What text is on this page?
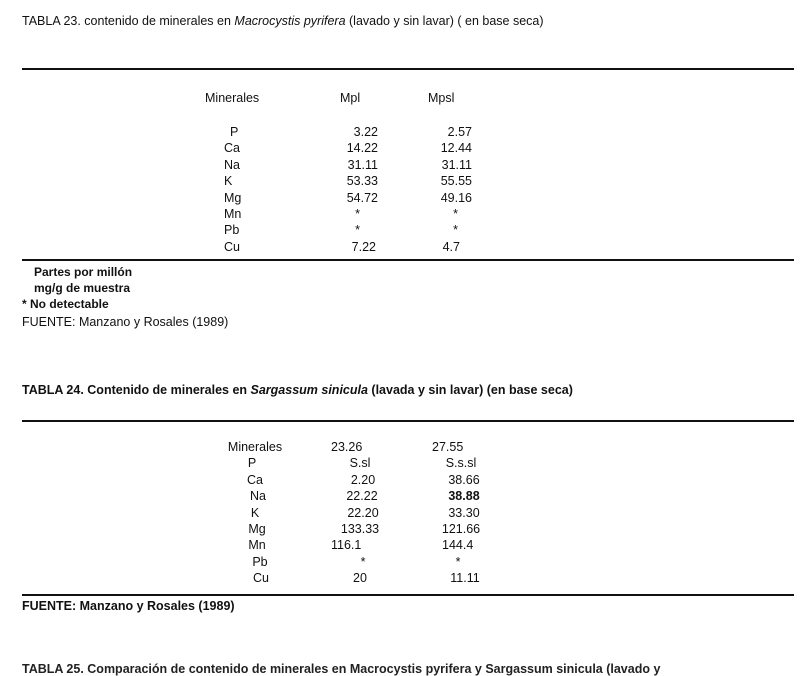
TABLA 23. contenido de minerales en Macrocystis pyrifera (lavado y sin lavar) ( en base seca)
Minerales	Mpl	Mpsl
P
Ca
Na
K
Mg
Mn
Pb
Cu
3.22
14.22
31.11
53.33
54.72
*
*
7.22
2.57
12.44
31.11
55.55
49.16
*
*
4.7
Partes por millón
mg/g de muestra
* No detectable
FUENTE: Manzano y Rosales (1989)
TABLA 24. Contenido de minerales en Sargassum sinicula (lavada y sin lavar) (en base seca)
Minerales
P
Ca
Na
K
Mg
Mn
Pb
Cu
23.26
S.sl
2.20
22.22
22.20
133.33
116.1
*
20
27.55
S.s.sl
38.66
38.88
33.30
121.66
144.4
*
11.11
FUENTE: Manzano y Rosales (1989)
TABLA 25. Comparación de contenido de minerales en Macrocystis pyrifera y Sargassum sinicula (lavado y
